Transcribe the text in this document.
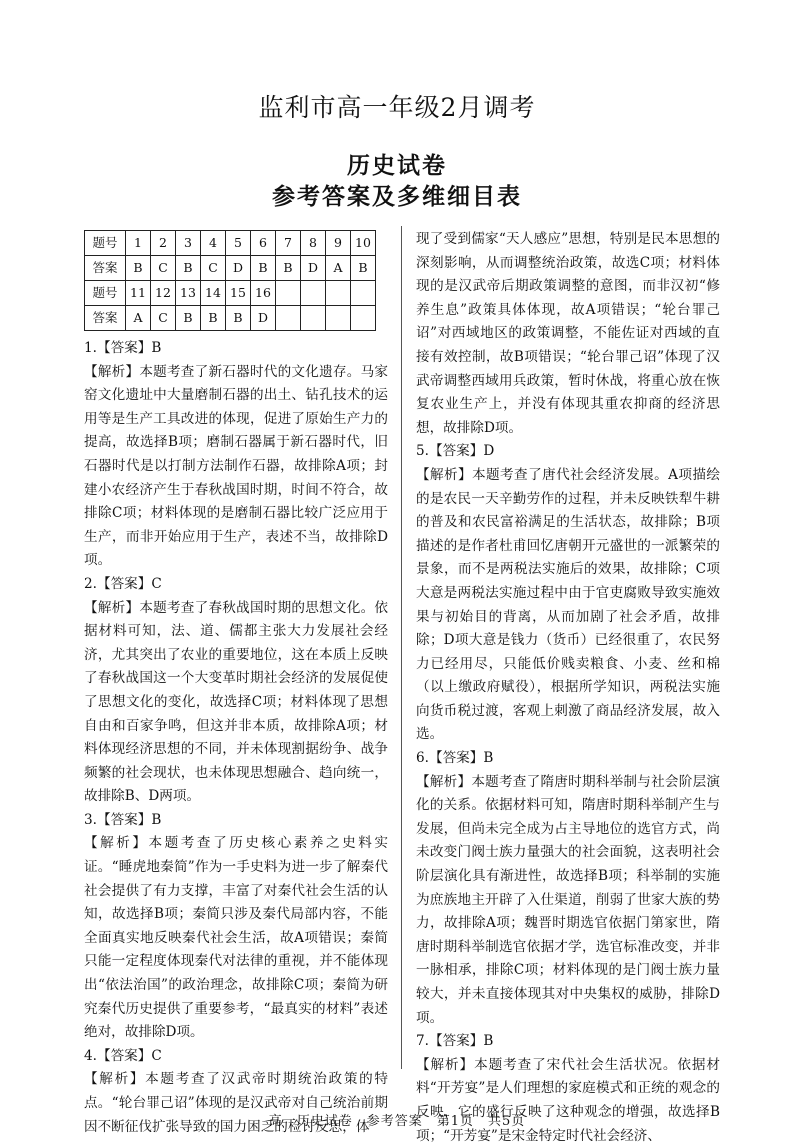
监利市高一年级2月调考
历史试卷
参考答案及多维细目表
题号	1	2	3	4	5	6	7	8	9	10
答案	B	C	B	C	D	B	B	D	A	B
题号	11	12	13	14	15	16				
答案	A	C	B	B	B	D				

1.【答案】B

【解析】本题考查了新石器时代的文化遗存。马家窑文化遗址中大量磨制石器的出土、钻孔技术的运用等是生产工具改进的体现，促进了原始生产力的提高，故选择B项；磨制石器属于新石器时代，旧石器时代是以打制方法制作石器，故排除A项；封建小农经济产生于春秋战国时期，时间不符合，故排除C项；材料体现的是磨制石器比较广泛应用于生产，而非开始应用于生产，表述不当，故排除D项。

2.【答案】C

【解析】本题考查了春秋战国时期的思想文化。依据材料可知，法、道、儒都主张大力发展社会经济，尤其突出了农业的重要地位，这在本质上反映了春秋战国这一个大变革时期社会经济的发展促使了思想文化的变化，故选择C项；材料体现了思想自由和百家争鸣，但这并非本质，故排除A项；材料体现经济思想的不同，并未体现割据纷争、战争频繁的社会现状，也未体现思想融合、趋向统一，故排除B、D两项。

3.【答案】B

【解析】本题考查了历史核心素养之史料实证。“睡虎地秦简”作为一手史料为进一步了解秦代社会提供了有力支撑，丰富了对秦代社会生活的认知，故选择B项；秦简只涉及秦代局部内容，不能全面真实地反映秦代社会生活，故A项错误；秦简只能一定程度体现秦代对法律的重视，并不能体现出“依法治国”的政治理念，故排除C项；秦简为研究秦代历史提供了重要参考，“最真实的材料”表述绝对，故排除D项。

4.【答案】C

【解析】本题考查了汉武帝时期统治政策的特点。“轮台罪己诏”体现的是汉武帝对自己统治前期因不断征伐扩张导致的国力困乏的检讨反思，体

现了受到儒家“天人感应”思想，特别是民本思想的深刻影响，从而调整统治政策，故选C项；材料体现的是汉武帝后期政策调整的意图，而非汉初“修养生息”政策具体体现，故A项错误；“轮台罪己诏”对西域地区的政策调整，不能佐证对西域的直接有效控制，故B项错误；“轮台罪己诏”体现了汉武帝调整西域用兵政策，暂时休战，将重心放在恢复农业生产上，并没有体现其重农抑商的经济思想，故排除D项。

5.【答案】D

【解析】本题考查了唐代社会经济发展。A项描绘的是农民一天辛勤劳作的过程，并未反映铁犁牛耕的普及和农民富裕满足的生活状态，故排除；B项描述的是作者杜甫回忆唐朝开元盛世的一派繁荣的景象，而不是两税法实施后的效果，故排除；C项大意是两税法实施过程中由于官吏腐败导致实施效果与初始目的背离，从而加剧了社会矛盾，故排除；D项大意是钱力（货币）已经很重了，农民努力已经用尽，只能低价贱卖粮食、小麦、丝和棉（以上缴政府赋役），根据所学知识，两税法实施向货币税过渡，客观上刺激了商品经济发展，故入选。

6.【答案】B

【解析】本题考查了隋唐时期科举制与社会阶层演化的关系。依据材料可知，隋唐时期科举制产生与发展，但尚未完全成为占主导地位的选官方式，尚未改变门阀士族力量强大的社会面貌，这表明社会阶层演化具有渐进性，故选择B项；科举制的实施为庶族地主开辟了入仕渠道，削弱了世家大族的势力，故排除A项；魏晋时期选官依据门第家世，隋唐时期科举制选官依据才学，选官标准改变，并非一脉相承，排除C项；材料体现的是门阀士族力量较大，并未直接体现其对中央集权的威胁，排除D项。

7.【答案】B

【解析】本题考查了宋代社会生活状况。依据材料“开芳宴”是人们理想的家庭模式和正统的观念的反映，它的盛行反映了这种观念的增强，故选择B项；“开芳宴”是宋金特定时代社会经济、

高一历史试卷　参考答案　第1页　共5页
